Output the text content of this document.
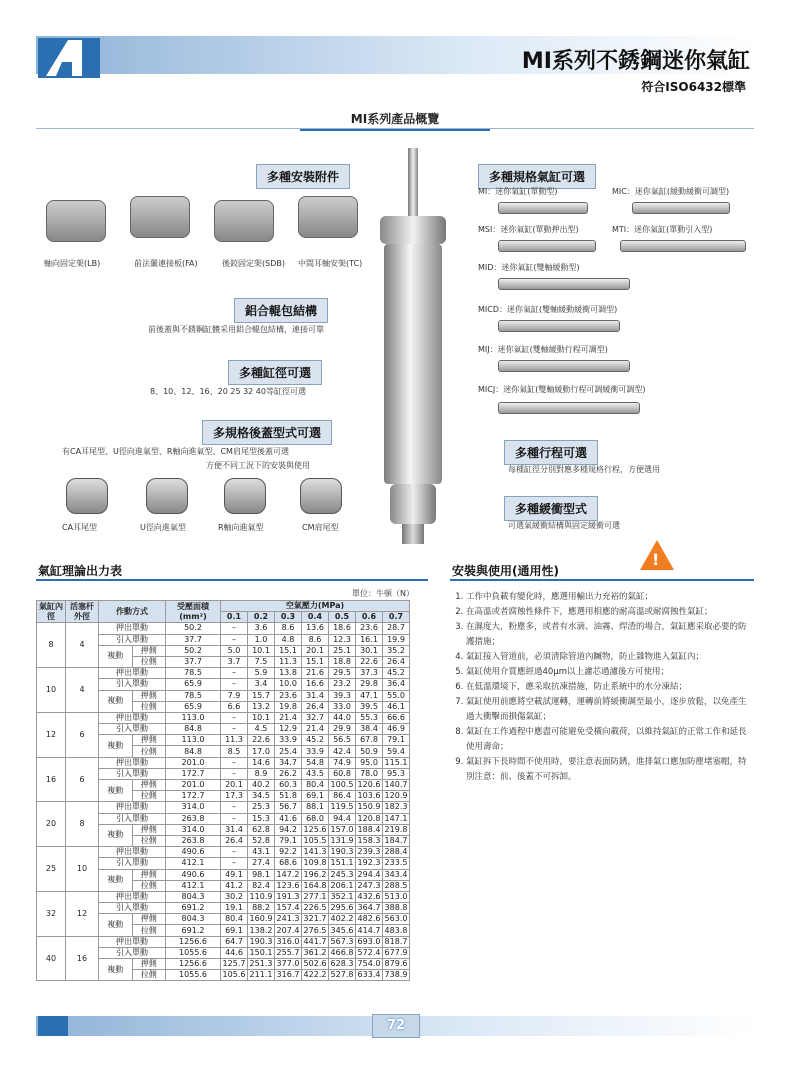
MI系列不銹鋼迷你氣缸
符合ISO6432標準
MI系列產品概覽
多種安裝附件
軸向固定架(LB)	前法蘭連接板(FA)	後鉸固定架(SDB) 中間耳軸安架(TC)
鋁合輥包結構
前後蓋與不銹鋼缸體采用鋁合輥包結構，連接可靠
多種缸徑可選
8、10、12、16、20 25 32 40等缸徑可選
多規格後蓋型式可選
有CA耳尾型、U徑向進氣型、R軸向進氣型、CM肩尾型後蓋可選
方便不同工況下的安裝與使用
CA耳尾型	U徑向進氣型	R軸向進氣型	CM肩尾型
多種規格氣缸可選
MI：迷你氣缸(單動型)	MIC：迷你氣缸(緩動緩衝可調型)
MSI：迷你氣缸(單動押出型)	MTI：迷你氣缸(單動引入型)
MID：迷你氣缸(雙軸緩動型)
MICD：迷你氣缸(雙軸緩動緩衝可調型)
MIJ：迷你氣缸(雙軸緩動行程可調型)
MICJ：迷你氣缸(雙軸緩動行程可調緩衝可調型)
多種行程可選
每種缸徑分別對應多種規格行程，方便選用
多種緩衝型式
可選氣緩衝結構與固定緩衝可選
氣缸理論出力表
單位：牛頓（N）
氣缸內徑	活塞杆外徑	作動方式		受壓面積
(mm²)	空氣壓力(MPa)						
					0.1	0.2	0.3	0.4	0.5	0.6	0.7
8	4	押出單動		50.2	–	3.6	8.6	13.6	18.6	23.6	28.7
		引入單動		37.7	–	1.0	4.8	8.6	12.3	16.1	19.9
		複動	押側	50.2	5.0	10.1	15.1	20.1	25.1	30.1	35.2
			拉側	37.7	3.7	7.5	11.3	15.1	18.8	22.6	26.4
10	4	押出單動		78.5	–	5.9	13.8	21.6	29.5	37.3	45.2
		引入單動		65.9	–	3.4	10.0	16.6	23.2	29.8	36.4
		複動	押側	78.5	7.9	15.7	23.6	31.4	39.3	47.1	55.0
			拉側	65.9	6.6	13.2	19.8	26.4	33.0	39.5	46.1
12	6	押出單動		113.0	–	10.1	21.4	32.7	44.0	55.3	66.6
		引入單動		84.8	–	4.5	12.9	21.4	29.9	38.4	46.9
		複動	押側	113.0	11.3	22.6	33.9	45.2	56.5	67.8	79.1
			拉側	84.8	8.5	17.0	25.4	33.9	42.4	50.9	59.4
16	6	押出單動		201.0	–	14.6	34.7	54.8	74.9	95.0	115.1
		引入單動		172.7	–	8.9	26.2	43.5	60.8	78.0	95.3
		複動	押側	201.0	20.1	40.2	60.3	80.4	100.5	120.6	140.7
			拉側	172.7	17.3	34.5	51.8	69.1	86.4	103.6	120.9
20	8	押出單動		314.0	–	25.3	56.7	88.1	119.5	150.9	182.3
		引入單動		263.8	–	15.3	41.6	68.0	94.4	120.8	147.1
		複動	押側	314.0	31.4	62.8	94.2	125.6	157.0	188.4	219.8
			拉側	263.8	26.4	52.8	79.1	105.5	131.9	158.3	184.7
25	10	押出單動		490.6	–	43.1	92.2	141.3	190.3	239.3	288.4
		引入單動		412.1	–	27.4	68.6	109.8	151.1	192.3	233.5
		複動	押側	490.6	49.1	98.1	147.2	196.2	245.3	294.4	343.4
			拉側	412.1	41.2	82.4	123.6	164.8	206.1	247.3	288.5
32	12	押出單動		804.3	30.2	110.9	191.3	277.1	352.1	432.6	513.0
		引入單動		691.2	19.1	88.2	157.4	226.5	295.6	364.7	388.8
		複動	押側	804.3	80.4	160.9	241.3	321.7	402.2	482.6	563.0
			拉側	691.2	69.1	138.2	207.4	276.5	345.6	414.7	483.8
40	16	押出單動		1256.6	64.7	190.3	316.0	441.7	567.3	693.0	818.7
		引入單動		1055.6	44.6	150.1	255.7	361.2	466.8	572.4	677.9
		複動	押側	1256.6	125.7	251.3	377.0	502.6	628.3	754.0	879.6
			拉側	1055.6	105.6	211.1	316.7	422.2	527.8	633.4	738.9
安裝與使用(通用性)
!
1. 工作中負載有變化時，應選用輸出力充裕的氣缸；
2. 在高溫或者腐蝕性條件下，應選用相應的耐高溫或耐腐蝕性氣缸；
3. 在濕度大，粉塵多，或者有水滴、油霧、焊渣的場合，氣缸應采取必要的防護措施；
4. 氣缸接入管道前，必須清除管道內贓物，防止雜物進入氣缸內；
5. 氣缸使用介質應經過40μm以上濾芯過濾後方可使用；
6. 在低溫環境下，應采取抗凍措施，防止系統中的水分凍結；
7. 氣缸使用前應將空載試運轉，運轉前將緩衝調至最小，逐步放鬆，以免產生過大衝擊而損傷氣缸；
8. 氣缸在工作過程中應盡可能避免受橫向載荷，以維持氣缸的正常工作和延長使用壽命；
9. 氣缸拆下長時間不使用時，要注意表面防銹，進排氣口應加防塵堵塞帽，特別注意：前、後蓋不可拆卸。
72
